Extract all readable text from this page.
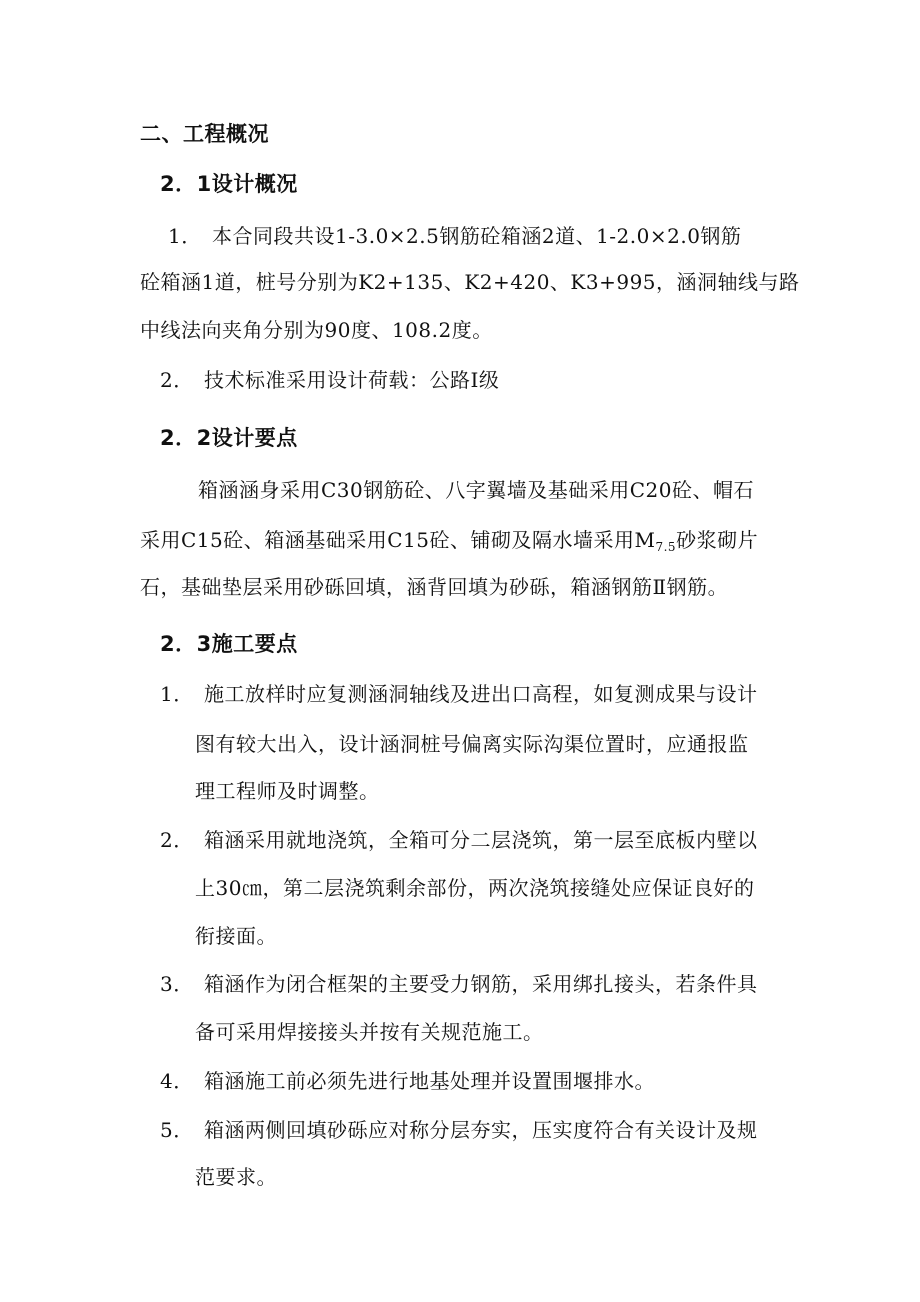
二、工程概况
2．1设计概况
1． 本合同段共设1-3.0×2.5钢筋砼箱涵2道、1-2.0×2.0钢筋
砼箱涵1道，桩号分别为K2+135、K2+420、K3+995，涵洞轴线与路
中线法向夹角分别为90度、108.2度。
2． 技术标准采用设计荷载：公路Ⅰ级
2．2设计要点
箱涵涵身采用C30钢筋砼、八字翼墙及基础采用C20砼、帽石
采用C15砼、箱涵基础采用C15砼、铺砌及隔水墙采用$M_{7.5}$砂浆砌片
石，基础垫层采用砂砾回填，涵背回填为砂砾，箱涵钢筋Ⅱ钢筋。
2．3施工要点
1． 施工放样时应复测涵洞轴线及进出口高程，如复测成果与设计
图有较大出入，设计涵洞桩号偏离实际沟渠位置时，应通报监
理工程师及时调整。
2． 箱涵采用就地浇筑，全箱可分二层浇筑，第一层至底板内壁以
上30㎝，第二层浇筑剩余部份，两次浇筑接缝处应保证良好的
衔接面。
3． 箱涵作为闭合框架的主要受力钢筋，采用绑扎接头，若条件具
备可采用焊接接头并按有关规范施工。
4． 箱涵施工前必须先进行地基处理并设置围堰排水。
5． 箱涵两侧回填砂砾应对称分层夯实，压实度符合有关设计及规
范要求。
